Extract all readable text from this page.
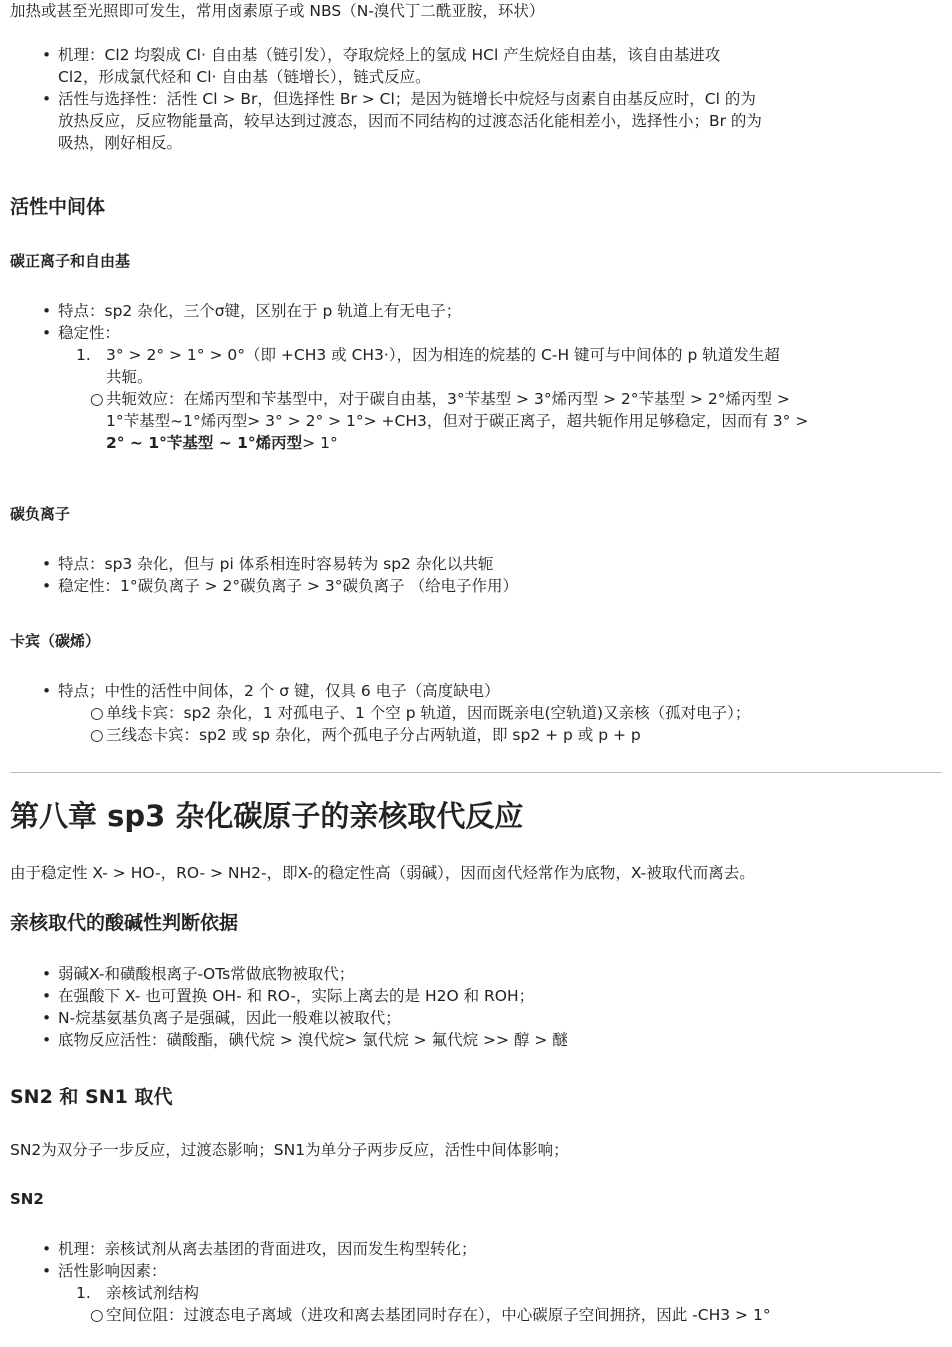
加热或甚至光照即可发生，常用卤素原子或 NBS（N-溴代丁二酰亚胺，环状）

• 机理：Cl2 均裂成 Cl· 自由基（链引发），夺取烷烃上的氢成 HCl 产生烷烃自由基，该自由基进攻
Cl2，形成氯代烃和 Cl· 自由基（链增长），链式反应。
• 活性与选择性：活性 Cl > Br，但选择性 Br > Cl；是因为链增长中烷烃与卤素自由基反应时，Cl 的为
放热反应，反应物能量高，较早达到过渡态，因而不同结构的过渡态活化能相差小，选择性小；Br 的为
吸热，刚好相反。
活性中间体
碳正离子和自由基
• 特点：sp2 杂化，三个σ键，区别在于 p 轨道上有无电子；
• 稳定性：
1. 3° > 2° > 1° > 0°（即 +CH3 或 CH3·），因为相连的烷基的 C-H 键可与中间体的 p 轨道发生超
共轭。
○ 共轭效应：在烯丙型和苄基型中，对于碳自由基，3°苄基型 > 3°烯丙型 > 2°苄基型 > 2°烯丙型 >
1°苄基型~1°烯丙型> 3° > 2° > 1°> +CH3，但对于碳正离子，超共轭作用足够稳定，因而有 3° >
2° ~ 1°苄基型 ~ 1°烯丙型> 1°
碳负离子
• 特点：sp3 杂化，但与 pi 体系相连时容易转为 sp2 杂化以共轭
• 稳定性：1°碳负离子 > 2°碳负离子 > 3°碳负离子 （给电子作用）
卡宾（碳烯）
• 特点；中性的活性中间体，2 个 σ 键，仅具 6 电子（高度缺电）
○ 单线卡宾：sp2 杂化，1 对孤电子、1 个空 p 轨道，因而既亲电(空轨道)又亲核（孤对电子）；
○ 三线态卡宾：sp2 或 sp 杂化，两个孤电子分占两轨道，即 sp2 + p 或 p + p
第八章 sp3 杂化碳原子的亲核取代反应

由于稳定性 X- > HO-，RO- > NH2-，即X-的稳定性高（弱碱），因而卤代烃常作为底物，X-被取代而离去。

亲核取代的酸碱性判断依据
• 弱碱X-和磺酸根离子-OTs常做底物被取代；
• 在强酸下 X- 也可置换 OH- 和 RO-，实际上离去的是 H2O 和 ROH；
• N-烷基氨基负离子是强碱，因此一般难以被取代；
• 底物反应活性：磺酸酯，碘代烷 > 溴代烷> 氯代烷 > 氟代烷 >> 醇 > 醚
SN2 和 SN1 取代

SN2为双分子一步反应，过渡态影响；SN1为单分子两步反应，活性中间体影响；

SN2
• 机理：亲核试剂从离去基团的背面进攻，因而发生构型转化；
• 活性影响因素：
1. 亲核试剂结构
○ 空间位阻：过渡态电子离域（进攻和离去基团同时存在），中心碳原子空间拥挤，因此 -CH3 > 1°
